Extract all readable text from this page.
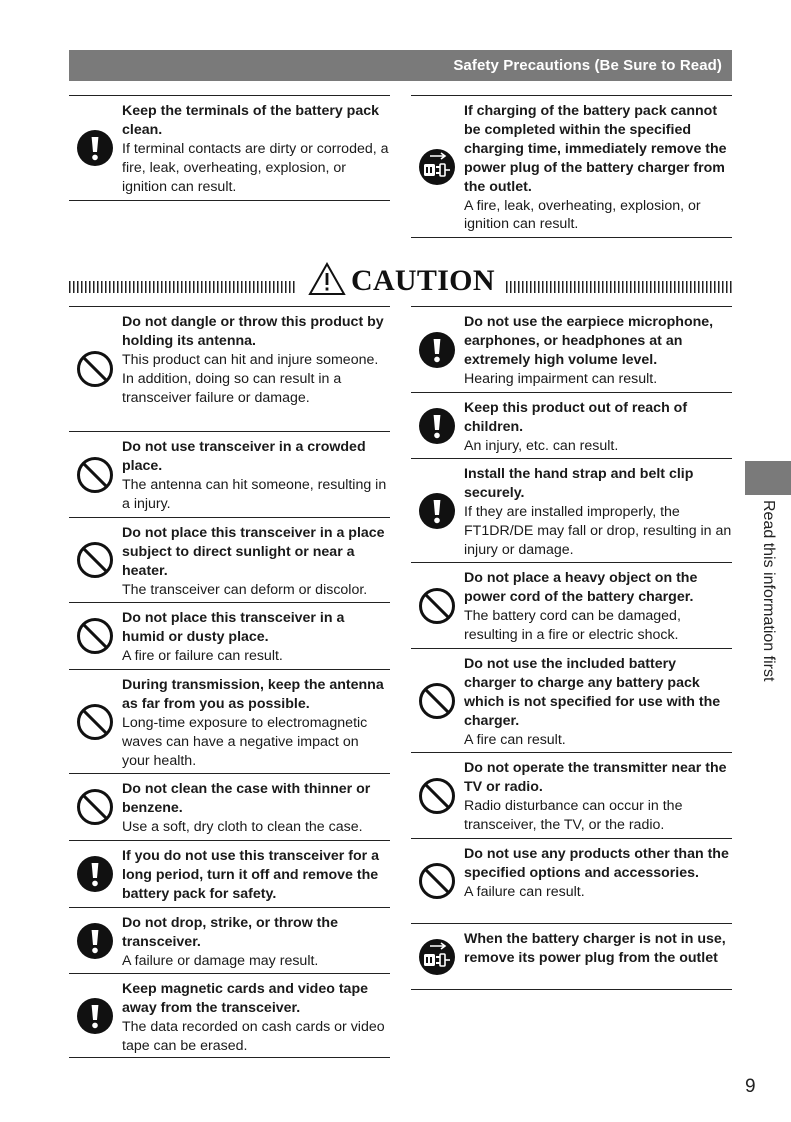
Safety Precautions (Be Sure to Read)
Keep the terminals of the battery pack clean.
If terminal contacts are dirty or corroded, a fire, leak, overheating, explosion, or ignition can result.
If charging of the battery pack cannot be completed within the specified charging time, immediately remove the power plug of the battery charger from the outlet.
A fire, leak, overheating, explosion, or ignition can result.
CAUTION
Do not dangle or throw this product by holding its antenna.
This product can hit and injure someone. In addition, doing so can result in a transceiver failure or damage.
Do not use transceiver in a crowded place.
The antenna can hit someone, resulting in a injury.
Do not place this transceiver in a place subject to direct sunlight or near a heater.
The transceiver can deform or discolor.
Do not place this transceiver in a humid or dusty place.
A fire or failure can result.
During transmission, keep the antenna as far from you as possible.
Long-time exposure to electromagnetic waves can have a negative impact on your health.
Do not clean the case with thinner or benzene.
Use a soft, dry cloth to clean the case.
If you do not use this transceiver for a long period, turn it off and remove the battery pack for safety.
Do not drop, strike, or throw the transceiver.
A failure or damage may result.
Keep magnetic cards and video tape away from the transceiver.
The data recorded on cash cards or video tape can be erased.
Do not use the earpiece microphone, earphones, or headphones at an extremely high volume level.
Hearing impairment can result.
Keep this product out of reach of children.
An injury, etc. can result.
Install the hand strap and belt clip securely.
If they are installed improperly, the FT1DR/DE may fall or drop, resulting in an injury or damage.
Do not place a heavy object on the power cord of the battery charger.
The battery cord can be damaged, resulting in a fire or electric shock.
Do not use the included battery charger to charge any battery pack which is not specified for use with the charger.
A fire can result.
Do not operate the transmitter near the TV or radio.
Radio disturbance can occur in the transceiver, the TV, or the radio.
Do not use any products other than the specified options and accessories.
A failure can result.
When the battery charger is not in use, remove its power plug from the outlet
Read this information first
9
